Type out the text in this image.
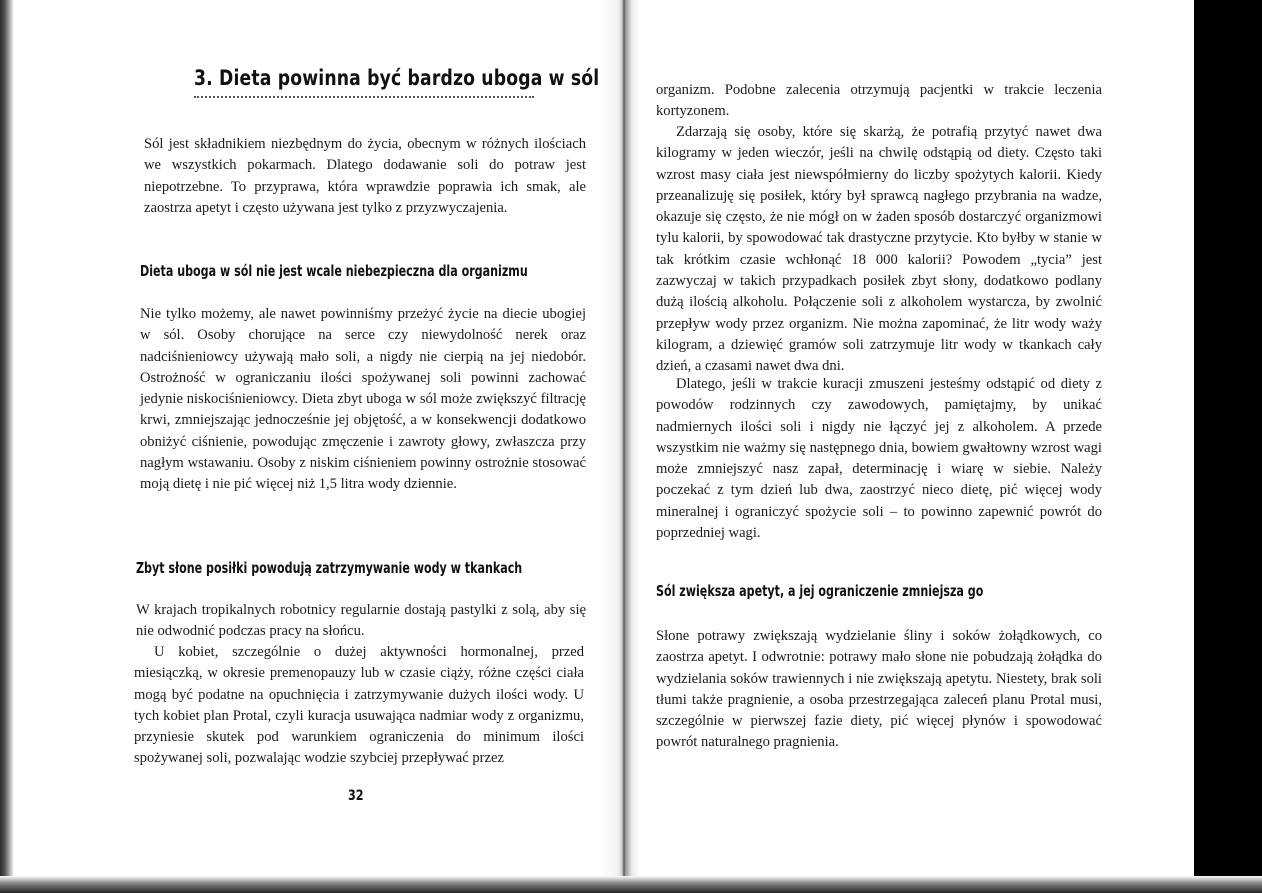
3. Dieta powinna być bardzo uboga w sól

Sól jest składnikiem niezbędnym do życia, obecnym w różnych ilościach we wszystkich pokarmach. Dlatego dodawanie soli do potraw jest niepotrzebne. To przyprawa, która wprawdzie poprawia ich smak, ale zaostrza apetyt i często używana jest tylko z przyzwyczajenia.

Dieta uboga w sól nie jest wcale niebezpieczna dla organizmu

Nie tylko możemy, ale nawet powinniśmy przeżyć życie na diecie ubogiej w sól. Osoby chorujące na serce czy niewydolność nerek oraz nadciśnieniowcy używają mało soli, a nigdy nie cierpią na jej niedobór. Ostrożność w ograniczaniu ilości spożywanej soli powinni zachować jedynie niskociśnieniowcy. Dieta zbyt uboga w sól może zwiększyć filtrację krwi, zmniejszając jednocześnie jej objętość, a w konsekwencji dodatkowo obniżyć ciśnienie, powodując zmęczenie i zawroty głowy, zwłaszcza przy nagłym wstawaniu. Osoby z niskim ciśnieniem powinny ostrożnie stosować moją dietę i nie pić więcej niż 1,5 litra wody dziennie.

Zbyt słone posiłki powodują zatrzymywanie wody w tkankach

W krajach tropikalnych robotnicy regularnie dostają pastylki z solą, aby się nie odwodnić podczas pracy na słońcu.

U kobiet, szczególnie o dużej aktywności hormonalnej, przed miesiączką, w okresie premenopauzy lub w czasie ciąży, różne części ciała mogą być podatne na opuchnięcia i zatrzymywanie dużych ilości wody. U tych kobiet plan Protal, czyli kuracja usuwająca nadmiar wody z organizmu, przyniesie skutek pod warunkiem ograniczenia do minimum ilości spożywanej soli, pozwalając wodzie szybciej przepływać przez

32

organizm. Podobne zalecenia otrzymują pacjentki w trakcie leczenia kortyzonem.

Zdarzają się osoby, które się skarżą, że potrafią przytyć nawet dwa kilogramy w jeden wieczór, jeśli na chwilę odstąpią od diety. Często taki wzrost masy ciała jest niewspółmierny do liczby spożytych kalorii. Kiedy przeanalizuję się posiłek, który był sprawcą nagłego przybrania na wadze, okazuje się często, że nie mógł on w żaden sposób dostarczyć organizmowi tylu kalorii, by spowodować tak drastyczne przytycie. Kto byłby w stanie w tak krótkim czasie wchłonąć 18 000 kalorii? Powodem „tycia” jest zazwyczaj w takich przypadkach posiłek zbyt słony, dodatkowo podlany dużą ilością alkoholu. Połączenie soli z alkoholem wystarcza, by zwolnić przepływ wody przez organizm. Nie można zapominać, że litr wody waży kilogram, a dziewięć gramów soli zatrzymuje litr wody w tkankach cały dzień, a czasami nawet dwa dni.

Dlatego, jeśli w trakcie kuracji zmuszeni jesteśmy odstąpić od diety z powodów rodzinnych czy zawodowych, pamiętajmy, by unikać nadmiernych ilości soli i nigdy nie łączyć jej z alkoholem. A przede wszystkim nie ważmy się następnego dnia, bowiem gwałtowny wzrost wagi może zmniejszyć nasz zapał, determinację i wiarę w siebie. Należy poczekać z tym dzień lub dwa, zaostrzyć nieco dietę, pić więcej wody mineralnej i ograniczyć spożycie soli – to powinno zapewnić powrót do poprzedniej wagi.

Sól zwiększa apetyt, a jej ograniczenie zmniejsza go

Słone potrawy zwiększają wydzielanie śliny i soków żołądkowych, co zaostrza apetyt. I odwrotnie: potrawy mało słone nie pobudzają żołądka do wydzielania soków trawiennych i nie zwiększają apetytu. Niestety, brak soli tłumi także pragnienie, a osoba przestrzegająca zaleceń planu Protal musi, szczególnie w pierwszej fazie diety, pić więcej płynów i spowodować powrót naturalnego pragnienia.
